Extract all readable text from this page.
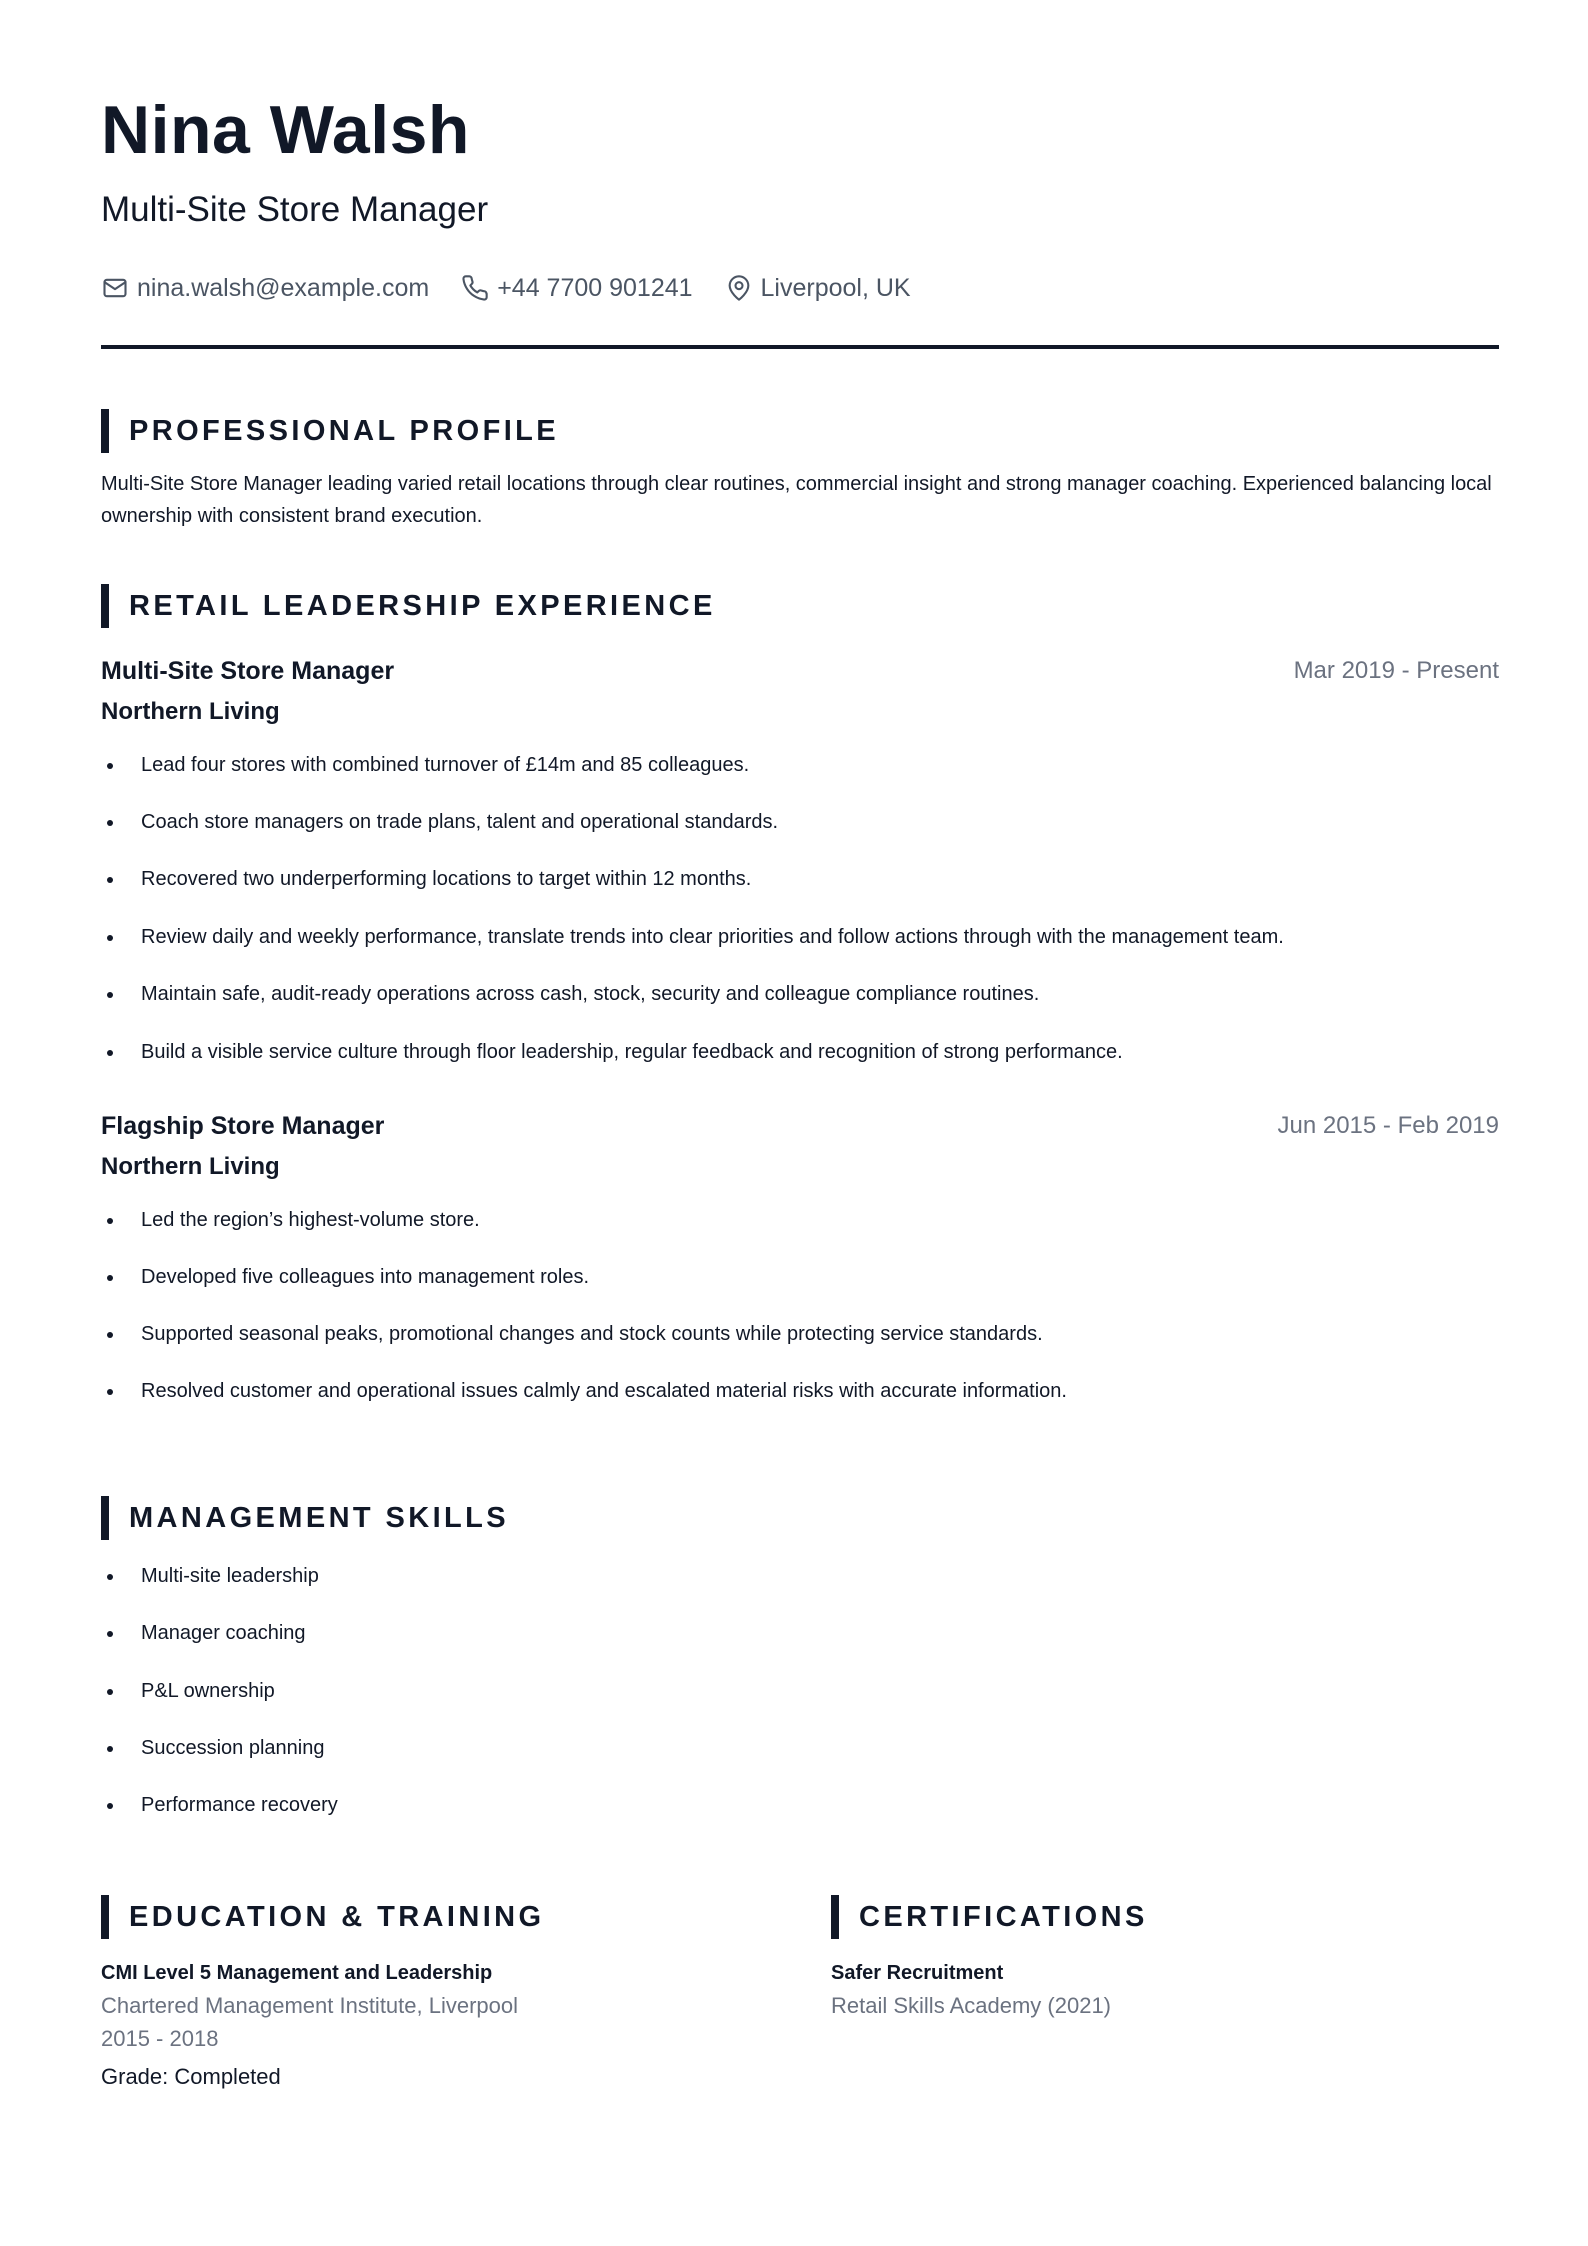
Nina Walsh
Multi-Site Store Manager
nina.walsh@example.com	+44 7700 901241	Liverpool, UK
PROFESSIONAL PROFILE

Multi-Site Store Manager leading varied retail locations through clear routines, commercial insight and strong manager coaching. Experienced balancing local ownership with consistent brand execution.

RETAIL LEADERSHIP EXPERIENCE
Multi-Site Store Manager	Mar 2019 - Present
Northern Living
Lead four stores with combined turnover of £14m and 85 colleagues.
Coach store managers on trade plans, talent and operational standards.
Recovered two underperforming locations to target within 12 months.
Review daily and weekly performance, translate trends into clear priorities and follow actions through with the management team.
Maintain safe, audit-ready operations across cash, stock, security and colleague compliance routines.
Build a visible service culture through floor leadership, regular feedback and recognition of strong performance.
Flagship Store Manager	Jun 2015 - Feb 2019
Northern Living
Led the region’s highest-volume store.
Developed five colleagues into management roles.
Supported seasonal peaks, promotional changes and stock counts while protecting service standards.
Resolved customer and operational issues calmly and escalated material risks with accurate information.
MANAGEMENT SKILLS
Multi-site leadership
Manager coaching
P&L ownership
Succession planning
Performance recovery
EDUCATION & TRAINING
CMI Level 5 Management and Leadership
Chartered Management Institute, Liverpool
2015 - 2018
Grade: Completed
CERTIFICATIONS
Safer Recruitment
Retail Skills Academy (2021)
